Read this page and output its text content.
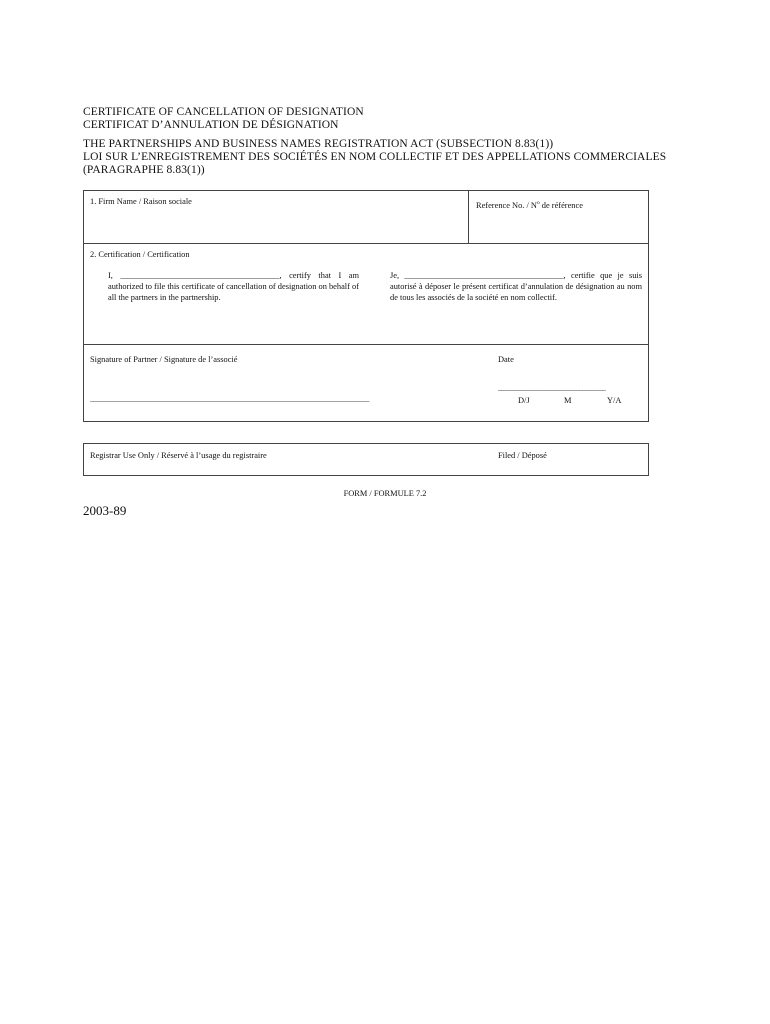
CERTIFICATE OF CANCELLATION OF DESIGNATION
CERTIFICAT D’ANNULATION DE DÉSIGNATION
THE PARTNERSHIPS AND BUSINESS NAMES REGISTRATION ACT (SUBSECTION 8.83(1))
LOI SUR L’ENREGISTREMENT DES SOCIÉTÉS EN NOM COLLECTIF ET DES APPELLATIONS COMMERCIALES
(PARAGRAPHE 8.83(1))
1. Firm Name / Raison sociale	Reference No. / $N^o$ de référence
2. Certification / Certification
I, ______________________________________, certify that I am authorized to file this certificate of cancellation of designation on behalf of all the partners in the partnership.
Je, ______________________________________, certifie que je suis autorisé à déposer le présent certificat d’annulation de désignation au nom de tous les associés de la société en nom collectif.
Signature of Partner / Signature de l’associé
_____________________________________________________________________________________________
Date
_____________________________________
D/J	M	Y/A
Registrar Use Only / Réservé à l’usage du registraire	Filed / Déposé
FORM / FORMULE 7.2
2003-89
